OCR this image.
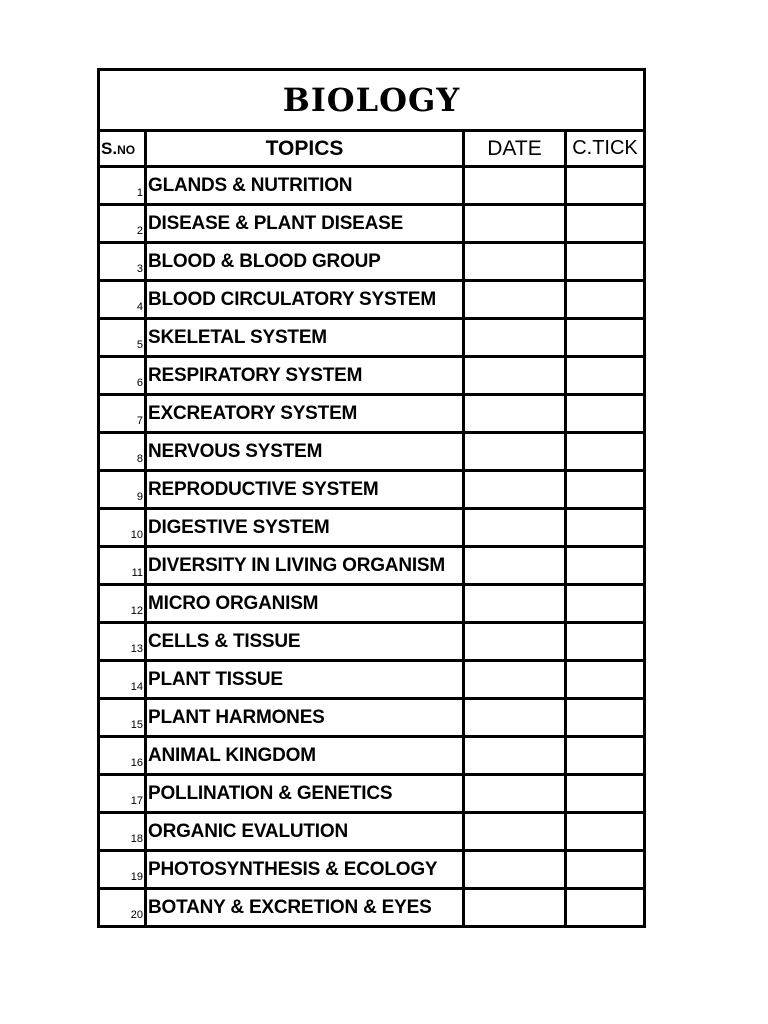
BIOLOGY			
S.NO	TOPICS	DATE	C.TICK
1	GLANDS & NUTRITION		
2	DISEASE & PLANT DISEASE		
3	BLOOD & BLOOD GROUP		
4	BLOOD CIRCULATORY SYSTEM		
5	SKELETAL SYSTEM		
6	RESPIRATORY SYSTEM		
7	EXCREATORY SYSTEM		
8	NERVOUS SYSTEM		
9	REPRODUCTIVE SYSTEM		
10	DIGESTIVE SYSTEM		
11	DIVERSITY IN LIVING ORGANISM		
12	MICRO ORGANISM		
13	CELLS & TISSUE		
14	PLANT TISSUE		
15	PLANT HARMONES		
16	ANIMAL KINGDOM		
17	POLLINATION & GENETICS		
18	ORGANIC EVALUTION		
19	PHOTOSYNTHESIS & ECOLOGY		
20	BOTANY & EXCRETION & EYES		
